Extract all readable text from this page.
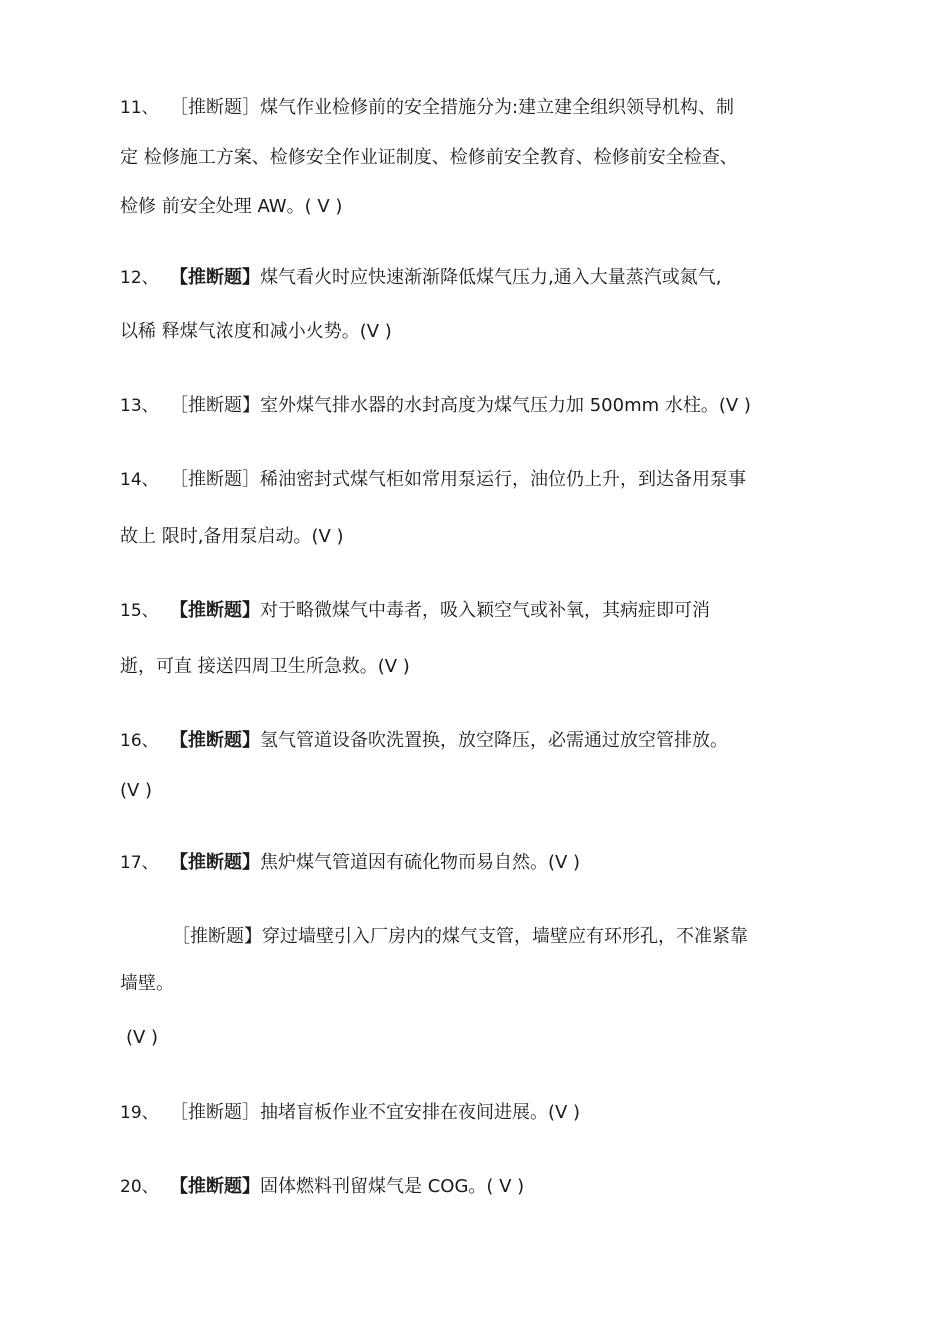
11、 ［推断题］煤气作业检修前的安全措施分为:建立建全组织领导机构、制
定 检修施工方案、检修安全作业证制度、检修前安全教育、检修前安全检查、
检修 前安全处理 AW。( V )
12、 【推断题】煤气看火时应快速渐渐降低煤气压力,通入大量蒸汽或氮气,
以稀 释煤气浓度和减小火势。(V )
13、 ［推断题】室外煤气排水器的水封高度为煤气压力加 500mm 水柱。(V )
14、 ［推断题］稀油密封式煤气柜如常用泵运行，油位仍上升，到达备用泵事
故上 限时,备用泵启动。(V )
15、 【推断题】对于略微煤气中毒者，吸入颖空气或补氧，其病症即可消
逝，可直 接送四周卫生所急救。(V )
16、 【推断题】氢气管道设备吹洗置换，放空降压，必需通过放空管排放。
(V )
17、 【推断题】焦炉煤气管道因有硫化物而易自然。(V )
［推断题】穿过墙壁引入厂房内的煤气支管，墙壁应有环形孔，不准紧靠
墙壁。
(V )
19、 ［推断题］抽堵盲板作业不宜安排在夜间进展。(V )
20、 【推断题】固体燃料刊留煤气是 COG。( V )
